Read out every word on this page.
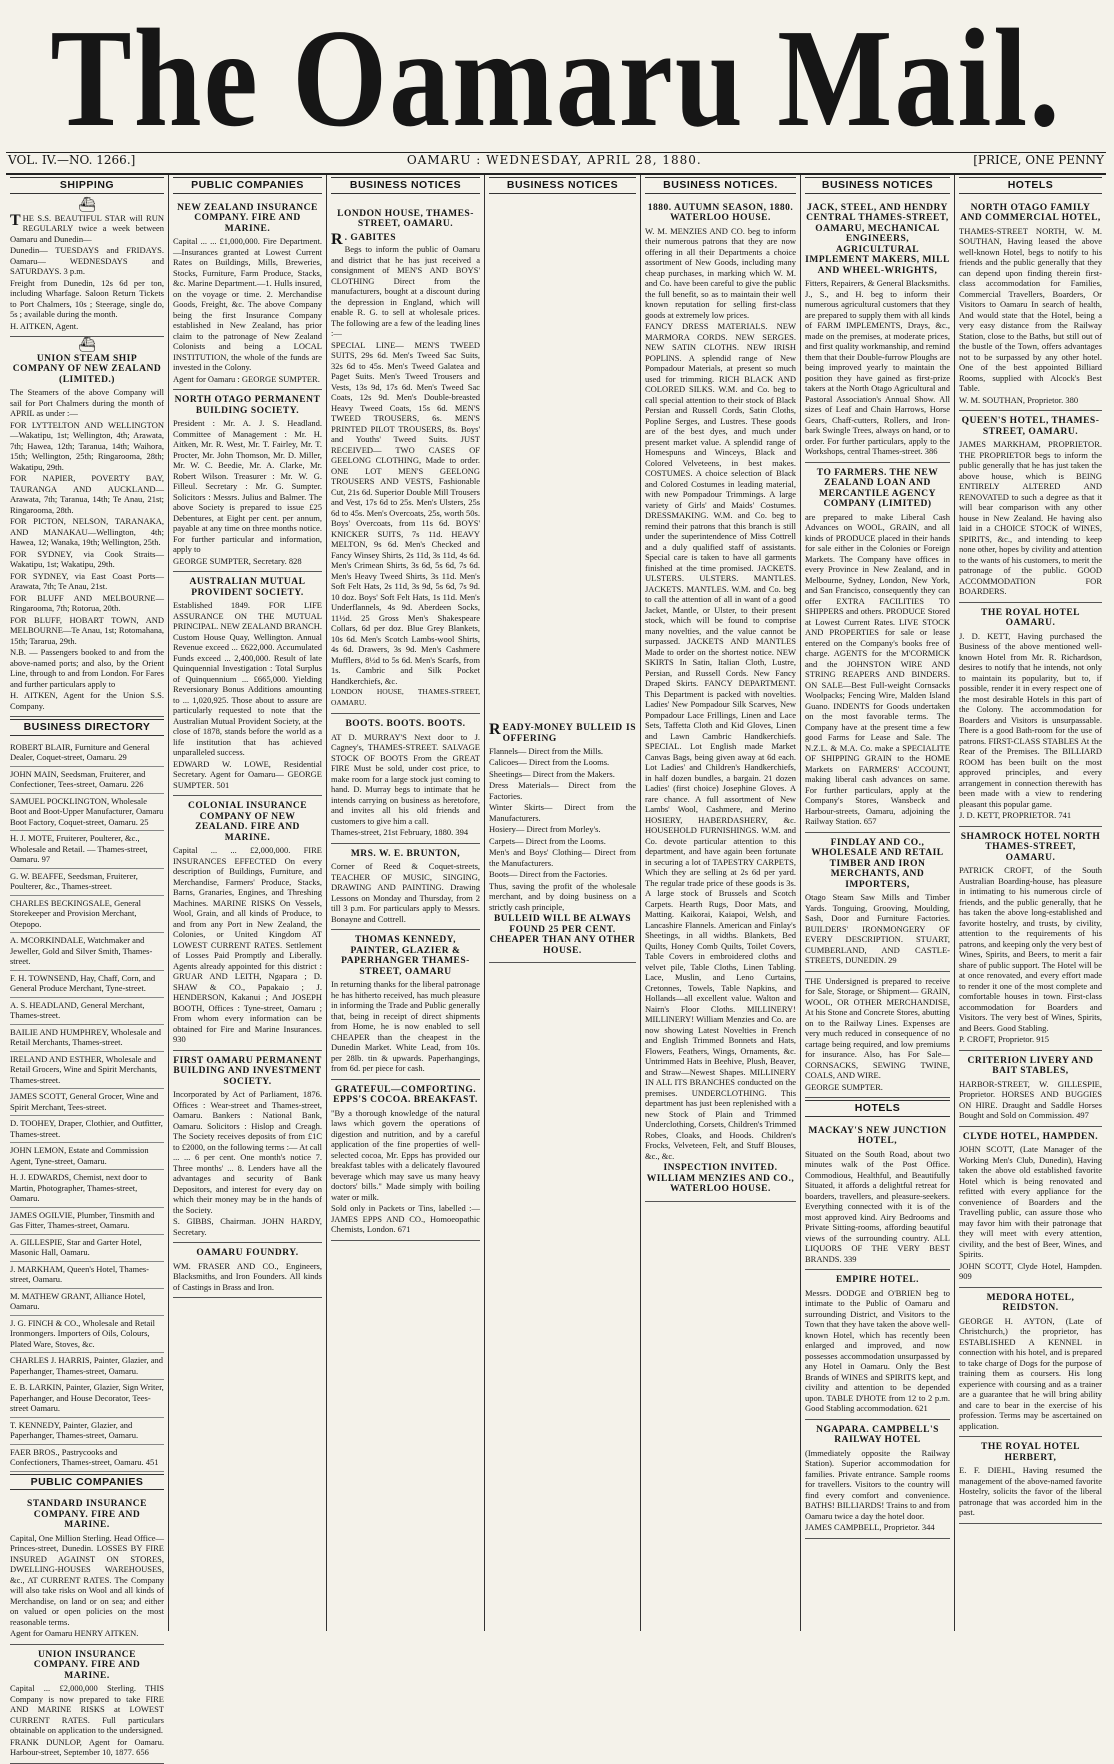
The Oamaru Mail.
VOL. IV.—NO. 1266.]	OAMARU : WEDNESDAY, APRIL 28, 1880.	[PRICE, ONE PENNY
SHIPPING
⛴

THE S.S. BEAUTIFUL STAR will RUN REGULARLY twice a week between Oamaru and Dunedin—

Dunedin— TUESDAYS and FRIDAYS. Oamaru— WEDNESDAYS and SATURDAYS. 3 p.m.

Freight from Dunedin, 12s 6d per ton, including Wharfage. Saloon Return Tickets to Port Chalmers, 10s ; Steerage, single do, 5s ; available during the month.

H. AITKEN, Agent.

⛴
UNION STEAM SHIP COMPANY OF NEW ZEALAND (LIMITED.)

The Steamers of the above Company will sail for Port Chalmers during the month of APRIL as under :—

FOR LYTTELTON AND WELLINGTON —Wakatipu, 1st; Wellington, 4th; Arawata, 7th; Hawea, 12th; Taranua, 14th; Waihora, 15th; Wellington, 25th; Ringarooma, 28th; Wakatipu, 29th.

FOR NAPIER, POVERTY BAY, TAURANGA AND AUCKLAND—Arawata, 7th; Taranua, 14th; Te Anau, 21st; Ringarooma, 28th.

FOR PICTON, NELSON, TARANAKA, AND MANAKAU—Wellington, 4th; Hawea, 12; Wanaka, 19th; Wellington, 25th.

FOR SYDNEY, via Cook Straits—Wakatipu, 1st; Wakatipu, 29th.

FOR SYDNEY, via East Coast Ports—Arawata, 7th; Te Anau, 21st.

FOR BLUFF AND MELBOURNE—Ringarooma, 7th; Rotorua, 20th.

FOR BLUFF, HOBART TOWN, AND MELBOURNE—Te Anau, 1st; Rotomahana, 15th; Tararua, 29th.

N.B. — Passengers booked to and from the above-named ports; and also, by the Orient Line, through to and from London. For Fares and further particulars apply to

H. AITKEN, Agent for the Union S.S. Company.

BUSINESS DIRECTORY
ROBERT BLAIR, Furniture and General Dealer, Coquet-street, Oamaru. 29
JOHN MAIN, Seedsman, Fruiterer, and Confectioner, Tees-street, Oamaru. 226
SAMUEL POCKLINGTON, Wholesale Boot and Boot-Upper Manufacturer, Oamaru Boot Factory, Coquet-street, Oamaru. 25
H. J. MOTE, Fruiterer, Poulterer, &c., Wholesale and Retail. — Thames-street, Oamaru. 97
G. W. BEAFFE, Seedsman, Fruiterer, Poulterer, &c., Thames-street.
CHARLES BECKINGSALE, General Storekeeper and Provision Merchant, Otepopo.
A. MCORKINDALE, Watchmaker and Jeweller, Gold and Silver Smith, Thames-street.
F. H. TOWNSEND, Hay, Chaff, Corn, and General Produce Merchant, Tyne-street.
A. S. HEADLAND, General Merchant, Thames-street.
BAILIE AND HUMPHREY, Wholesale and Retail Merchants, Thames-street.
IRELAND AND ESTHER, Wholesale and Retail Grocers, Wine and Spirit Merchants, Thames-street.
JAMES SCOTT, General Grocer, Wine and Spirit Merchant, Tees-street.
D. TOOHEY, Draper, Clothier, and Outfitter, Thames-street.
JOHN LEMON, Estate and Commission Agent, Tyne-street, Oamaru.
H. J. EDWARDS, Chemist, next door to Martin, Photographer, Thames-street, Oamaru.
JAMES OGILVIE, Plumber, Tinsmith and Gas Fitter, Thames-street, Oamaru.
A. GILLESPIE, Star and Garter Hotel, Masonic Hall, Oamaru.
J. MARKHAM, Queen's Hotel, Thames-street, Oamaru.
M. MATHEW GRANT, Alliance Hotel, Oamaru.
J. G. FINCH & CO., Wholesale and Retail Ironmongers. Importers of Oils, Colours, Plated Ware, Stoves, &c.
CHARLES J. HARRIS, Painter, Glazier, and Paperhanger, Thames-street, Oamaru.
E. B. LARKIN, Painter, Glazier, Sign Writer, Paperhanger, and House Decorator, Tees-street Oamaru.
T. KENNEDY, Painter, Glazier, and Paperhanger, Thames-street, Oamaru.
FAER BROS., Pastrycooks and Confectioners, Thames-street, Oamaru. 451
PUBLIC COMPANIES
STANDARD INSURANCE COMPANY. FIRE AND MARINE.

Capital, One Million Sterling. Head Office— Princes-street, Dunedin. LOSSES BY FIRE INSURED AGAINST ON STORES, DWELLING-HOUSES WAREHOUSES, &c., AT CURRENT RATES. The Company will also take risks on Wool and all kinds of Merchandise, on land or on sea; and either on valued or open policies on the most reasonable terms.

Agent for Oamaru HENRY AITKEN.

UNION INSURANCE COMPANY. FIRE AND MARINE.

Capital ... £2,000,000 Sterling. THIS Company is now prepared to take FIRE AND MARINE RISKS at LOWEST CURRENT RATES. Full particulars obtainable on application to the undersigned.

FRANK DUNLOP, Agent for Oamaru. Harbour-street, September 10, 1877. 656

PUBLIC COMPANIES
NEW ZEALAND INSURANCE COMPANY. FIRE AND MARINE.

Capital ... ... £1,000,000. Fire Department.—Insurances granted at Lowest Current Rates on Buildings, Mills, Breweries, Stocks, Furniture, Farm Produce, Stacks, &c. Marine Department.—1. Hulls insured, on the voyage or time. 2. Merchandise Goods, Freight, &c. The above Company being the first Insurance Company established in New Zealand, has prior claim to the patronage of New Zealand Colonists and being a LOCAL INSTITUTION, the whole of the funds are invested in the Colony.

Agent for Oamaru : GEORGE SUMPTER.

NORTH OTAGO PERMANENT BUILDING SOCIETY.

President : Mr. A. J. S. Headland. Committee of Management : Mr. H. Aitken, Mr. R. West, Mr. T. Fairley, Mr. T. Procter, Mr. John Thomson, Mr. D. Miller, Mr. W. C. Beedie, Mr. A. Clarke, Mr. Robert Wilson. Treasurer : Mr. W. G. Filleul. Secretary : Mr. G. Sumpter. Solicitors : Messrs. Julius and Balmer. The above Society is prepared to issue £25 Debentures, at Eight per cent. per annum, payable at any time on three months notice. For further particular and information, apply to

GEORGE SUMPTER, Secretary. 828

AUSTRALIAN MUTUAL PROVIDENT SOCIETY.

Established 1849. FOR LIFE ASSURANCE ON THE MUTUAL PRINCIPAL. NEW ZEALAND BRANCH. Custom House Quay, Wellington. Annual Revenue exceed ... £622,000. Accumulated Funds exceed ... 2,400,000. Result of late Quinquennial Investigation : Total Surplus of Quinquennium ... £665,000. Yielding Reversionary Bonus Additions amounting to ... 1,020,925. Those about to assure are particularly requested to note that the Australian Mutual Provident Society, at the close of 1878, stands before the world as a life institution that has achieved unparalleled success.

EDWARD W. LOWE, Residential Secretary. Agent for Oamaru— GEORGE SUMPTER. 501

COLONIAL INSURANCE COMPANY OF NEW ZEALAND. FIRE AND MARINE.

Capital ... ... £2,000,000. FIRE INSURANCES EFFECTED On every description of Buildings, Furniture, and Merchandise, Farmers' Produce, Stacks, Barns, Granaries, Engines, and Threshing Machines. MARINE RISKS On Vessels, Wool, Grain, and all kinds of Produce, to and from any Port in New Zealand, the Colonies, or United Kingdom AT LOWEST CURRENT RATES. Settlement of Losses Paid Promptly and Liberally. Agents already appointed for this district : GRUAR AND LEITH, Ngapara ; D. SHAW & CO., Papakaio ; J. HENDERSON, Kakanui ; And JOSEPH BOOTH, Offices : Tyne-street, Oamaru ; From whom every information can be obtained for Fire and Marine Insurances. 930

FIRST OAMARU PERMANENT BUILDING AND INVESTMENT SOCIETY.

Incorporated by Act of Parliament, 1876. Offices : Wear-street and Thames-street, Oamaru. Bankers : National Bank, Oamaru. Solicitors : Hislop and Creagh. The Society receives deposits of from £1C to £2000, on the following terms :— At call ... ... 6 per cent. One month's notice 7. Three months' ... 8. Lenders have all the advantages and security of Bank Depositors, and interest for every day on which their money may be in the hands of the Society.

S. GIBBS, Chairman. JOHN HARDY, Secretary.

OAMARU FOUNDRY.

WM. FRASER AND CO., Engineers, Blacksmiths, and Iron Founders. All kinds of Castings in Brass and Iron.

BUSINESS NOTICES
LONDON HOUSE, THAMES-STREET, OAMARU.

R . GABITES

Begs to inform the public of Oamaru and district that he has just received a consignment of MEN'S AND BOYS' CLOTHING Direct from the manufacturers, bought at a discount during the depression in England, which will enable R. G. to sell at wholesale prices. The following are a few of the leading lines :—

SPECIAL LINE— MEN'S TWEED SUITS, 29s 6d. Men's Tweed Sac Suits, 32s 6d to 45s. Men's Tweed Galatea and Paget Suits. Men's Tweed Trousers and Vests, 13s 9d, 17s 6d. Men's Tweed Sac Coats, 12s 9d. Men's Double-breasted Heavy Tweed Coats, 15s 6d. MEN'S TWEED TROUSERS, 6s. MEN'S PRINTED PILOT TROUSERS, 8s. Boys' and Youths' Tweed Suits. JUST RECEIVED— TWO CASES OF GEELONG CLOTHING, Made to order. ONE LOT MEN'S GEELONG TROUSERS AND VESTS, Fashionable Cut, 21s 6d. Superior Double Mill Trousers and Vest, 17s 6d to 25s. Men's Ulsters, 25s 6d to 45s. Men's Overcoats, 25s, worth 50s. Boys' Overcoats, from 11s 6d. BOYS' KNICKER SUITS, 7s 11d. HEAVY MELTON, 9s 6d. Men's Checked and Fancy Winsey Shirts, 2s 11d, 3s 11d, 4s 6d. Men's Crimean Shirts, 3s 6d, 5s 6d, 7s 6d. Men's Heavy Tweed Shirts, 3s 11d. Men's Soft Felt Hats, 2s 11d, 3s 9d, 5s 6d, 7s 9d. 10 doz. Boys' Soft Felt Hats, 1s 11d. Men's Underflannels, 4s 9d. Aberdeen Socks, 11½d. 25 Gross Men's Shakespeare Collars, 6d per doz. Blue Grey Blankets, 10s 6d. Men's Scotch Lambs-wool Shirts, 4s 6d. Drawers, 3s 9d. Men's Cashmere Mufflers, 8½d to 5s 6d. Men's Scarfs, from 1s. Cambric and Silk Pocket Handkerchiefs, &c.

LONDON HOUSE, THAMES-STREET, OAMARU.

BOOTS. BOOTS. BOOTS.

AT D. MURRAY'S Next door to J. Cagney's, THAMES-STREET. SALVAGE STOCK OF BOOTS From the GREAT FIRE Must be sold, under cost price, to make room for a large stock just coming to hand. D. Murray begs to intimate that he intends carrying on business as heretofore, and invites all his old friends and customers to give him a call.

Thames-street, 21st February, 1880. 394

MRS. W. E. BRUNTON,

Corner of Reed & Coquet-streets, TEACHER OF MUSIC, SINGING, DRAWING AND PAINTING. Drawing Lessons on Monday and Thursday, from 2 till 3 p.m. For particulars apply to Messrs. Bonayne and Cottrell.

THOMAS KENNEDY, PAINTER, GLAZIER & PAPERHANGER THAMES-STREET, OAMARU

In returning thanks for the liberal patronage he has hitherto received, has much pleasure in informing the Trade and Public generally that, being in receipt of direct shipments from Home, he is now enabled to sell CHEAPER than the cheapest in the Dunedin Market. White Lead, from 10s. per 28lb. tin & upwards. Paperhangings, from 6d. per piece for cash.

GRATEFUL—COMFORTING. EPPS'S COCOA. BREAKFAST.

"By a thorough knowledge of the natural laws which govern the operations of digestion and nutrition, and by a careful application of the fine properties of well-selected cocoa, Mr. Epps has provided our breakfast tables with a delicately flavoured beverage which may save us many heavy doctors' bills." Made simply with boiling water or milk.

Sold only in Packets or Tins, labelled :— JAMES EPPS AND CO., Homoeopathic Chemists, London. 671

BUSINESS NOTICES

READY-MONEY BULLEID IS OFFERING

Flannels— Direct from the Mills.

Calicoes— Direct from the Looms.

Sheetings— Direct from the Makers.

Dress Materials— Direct from the Factories.

Winter Skirts— Direct from the Manufacturers.

Hosiery— Direct from Morley's.

Carpets— Direct from the Looms.

Men's and Boys' Clothing— Direct from the Manufacturers.

Boots— Direct from the Factories.

Thus, saving the profit of the wholesale merchant, and by doing business on a strictly cash principle,

BULLEID WILL BE ALWAYS FOUND 25 PER CENT. CHEAPER THAN ANY OTHER HOUSE.

BUSINESS NOTICES.
1880. AUTUMN SEASON, 1880. WATERLOO HOUSE.

W. M. MENZIES AND CO. beg to inform their numerous patrons that they are now offering in all their Departments a choice assortment of New Goods, including many cheap purchases, in marking which W. M. and Co. have been careful to give the public the full benefit, so as to maintain their well known reputation for selling first-class goods at extremely low prices.

FANCY DRESS MATERIALS. NEW MARMORA CORDS. NEW SERGES. NEW SATIN CLOTHS. NEW IRISH POPLINS. A splendid range of New Pompadour Materials, at present so much used for trimming. RICH BLACK AND COLORED SILKS. W.M. and Co. beg to call special attention to their stock of Black Persian and Russell Cords, Satin Cloths, Popline Serges, and Lustres. These goods are of the best dyes, and much under present market value. A splendid range of Homespuns and Winceys, Black and Colored Velveteens, in best makes. COSTUMES. A choice selection of Black and Colored Costumes in leading material, with new Pompadour Trimmings. A large variety of Girls' and Maids' Costumes. DRESSMAKING. W.M. and Co. beg to remind their patrons that this branch is still under the superintendence of Miss Cottrell and a duly qualified staff of assistants. Special care is taken to have all garments finished at the time promised. JACKETS. ULSTERS. ULSTERS. MANTLES. JACKETS. MANTLES. W.M. and Co. beg to call the attention of all in want of a good Jacket, Mantle, or Ulster, to their present stock, which will be found to comprise many novelties, and the value cannot be surpassed. JACKETS AND MANTLES Made to order on the shortest notice. NEW SKIRTS In Satin, Italian Cloth, Lustre, Persian, and Russell Cords. New Fancy Draped Skirts. FANCY DEPARTMENT. This Department is packed with novelties. Ladies' New Pompadour Silk Scarves, New Pompadour Lace Frillings, Linen and Lace Sets, Taffetta Cloth and Kid Gloves, Linen and Lawn Cambric Handkerchiefs. SPECIAL. Lot English made Market Canvas Bags, being given away at 6d each. Lot Ladies' and Children's Handkerchiefs, in half dozen bundles, a bargain. 21 dozen Ladies' (first choice) Josephine Gloves. A rare chance. A full assortment of New Lambs' Wool, Cashmere, and Merino HOSIERY, HABERDASHERY, &c. HOUSEHOLD FURNISHINGS. W.M. and Co. devote particular attention to this department, and have again been fortunate in securing a lot of TAPESTRY CARPETS, Which they are selling at 2s 6d per yard. The regular trade price of these goods is 3s. A large stock of Brussels and Scotch Carpets. Hearth Rugs, Door Mats, and Matting. Kaikorai, Kaiapoi, Welsh, and Lancashire Flannels. American and Finlay's Sheetings, in all widths. Blankets, Bed Quilts, Honey Comb Quilts, Toilet Covers, Table Covers in embroidered cloths and velvet pile, Table Cloths, Linen Tabling. Lace, Muslin, and Leno Curtains, Cretonnes, Towels, Table Napkins, and Hollands—all excellent value. Walton and Nairn's Floor Cloths. MILLINERY! MILLINERY! William Menzies and Co. are now showing Latest Novelties in French and English Trimmed Bonnets and Hats, Flowers, Feathers, Wings, Ornaments, &c. Untrimmed Hats in Beehive, Plush, Beaver, and Straw—Newest Shapes. MILLINERY IN ALL ITS BRANCHES conducted on the premises. UNDERCLOTHING. This department has just been replenished with a new Stock of Plain and Trimmed Underclothing, Corsets, Children's Trimmed Robes, Cloaks, and Hoods. Children's Frocks, Velveteen, Felt, and Stuff Blouses, &c., &c.

INSPECTION INVITED. WILLIAM MENZIES AND CO., WATERLOO HOUSE.

BUSINESS NOTICES
JACK, STEEL, AND HENDRY CENTRAL THAMES-STREET, OAMARU, MECHANICAL ENGINEERS, AGRICULTURAL IMPLEMENT MAKERS, MILL AND WHEEL-WRIGHTS,

Fitters, Repairers, & General Blacksmiths. J., S., and H. beg to inform their numerous agricultural customers that they are prepared to supply them with all kinds of FARM IMPLEMENTS, Drays, &c., made on the premises, at moderate prices, and first quality workmanship, and remind them that their Double-furrow Ploughs are being improved yearly to maintain the position they have gained as first-prize takers at the North Otago Agricultural and Pastoral Association's Annual Show. All sizes of Leaf and Chain Harrows, Horse Gears, Chaff-cutters, Rollers, and Iron-bark Swingle Trees, always on hand, or to order. For further particulars, apply to the Workshops, central Thames-street. 386

TO FARMERS. THE NEW ZEALAND LOAN AND MERCANTILE AGENCY COMPANY (LIMITED)

are prepared to make Liberal Cash Advances on WOOL, GRAIN, and all kinds of PRODUCE placed in their hands for sale either in the Colonies or Foreign Markets. The Company have offices in every Province in New Zealand, and in Melbourne, Sydney, London, New York, and San Francisco, consequently they can offer EXTRA FACILITIES TO SHIPPERS and others. PRODUCE Stored at Lowest Current Rates. LIVE STOCK AND PROPERTIES for sale or lease entered on the Company's books free of charge. AGENTS for the M'CORMICK and the JOHNSTON WIRE AND STRING REAPERS AND BINDERS. ON SALE—Best Full-weight Cornsacks Woolpacks; Fencing Wire, Malden Island Guano. INDENTS for Goods undertaken on the most favorable terms. The Company have at the present time a few good Farms for Lease and Sale. The N.Z.L. & M.A. Co. make a SPECIALITE OF SHIPPING GRAIN to the HOME Markets on FARMERS' ACCOUNT, making liberal cash advances on same. For further particulars, apply at the Company's Stores, Wansbeck and Harbour-streets, Oamaru, adjoining the Railway Station. 657

FINDLAY AND CO., WHOLESALE AND RETAIL TIMBER AND IRON MERCHANTS, AND IMPORTERS,

Otago Steam Saw Mills and Timber Yards. Tonguing, Grooving, Moulding, Sash, Door and Furniture Factories. BUILDERS' IRONMONGERY OF EVERY DESCRIPTION. STUART, CUMBERLAND, AND CASTLE-STREETS, DUNEDIN. 29

THE Undersigned is prepared to receive for Sale, Storage, or Shipment— GRAIN, WOOL, OR OTHER MERCHANDISE, At his Stone and Concrete Stores, abutting on to the Railway Lines. Expenses are very much reduced in consequence of no cartage being required, and low premiums for insurance. Also, has For Sale— CORNSACKS, SEWING TWINE, COALS, AND WIRE.

GEORGE SUMPTER.

HOTELS
MACKAY'S NEW JUNCTION HOTEL,

Situated on the South Road, about two minutes walk of the Post Office. Commodious, Healthful, and Beautifully Situated, it affords a delightful retreat for boarders, travellers, and pleasure-seekers. Everything connected with it is of the most approved kind. Airy Bedrooms and Private Sitting-rooms, affording beautiful views of the surrounding country. ALL LIQUORS OF THE VERY BEST BRANDS. 339

EMPIRE HOTEL.

Messrs. DODGE and O'BRIEN beg to intimate to the Public of Oamaru and surrounding District, and Visitors to the Town that they have taken the above well-known Hotel, which has recently been enlarged and improved, and now possesses accommodation unsurpassed by any Hotel in Oamaru. Only the Best Brands of WINES and SPIRITS kept, and civility and attention to be depended upon. TABLE D'HOTE from 12 to 2 p.m. Good Stabling accommodation. 621

NGAPARA. CAMPBELL'S RAILWAY HOTEL

(Immediately opposite the Railway Station). Superior accommodation for families. Private entrance. Sample rooms for travellers. Visitors to the country will find every comfort and convenience. BATHS! BILLIARDS! Trains to and from Oamaru twice a day the hotel door.

JAMES CAMPBELL, Proprietor. 344

HOTELS
NORTH OTAGO FAMILY AND COMMERCIAL HOTEL,

THAMES-STREET NORTH, W. M. SOUTHAN, Having leased the above well-known Hotel, begs to notify to his friends and the public generally that they can depend upon finding therein first-class accommodation for Families, Commercial Travellers, Boarders, Or Visitors to Oamaru In search of health, And would state that the Hotel, being a very easy distance from the Railway Station, close to the Baths, but still out of the bustle of the Town, offers advantages not to be surpassed by any other hotel. One of the best appointed Billiard Rooms, supplied with Alcock's Best Table.

W. M. SOUTHAN, Proprietor. 380

QUEEN'S HOTEL, THAMES-STREET, OAMARU.

JAMES MARKHAM, PROPRIETOR. THE PROPRIETOR begs to inform the public generally that he has just taken the above house, which is BEING ENTIRELY ALTERED AND RENOVATED to such a degree as that it will bear comparison with any other house in New Zealand. He having also laid in a CHOICE STOCK of WINES, SPIRITS, &c., and intending to keep none other, hopes by civility and attention to the wants of his customers, to merit the patronage of the public. GOOD ACCOMMODATION FOR BOARDERS.

THE ROYAL HOTEL OAMARU.

J. D. KETT, Having purchased the Business of the above mentioned well-known Hotel from Mr. R. Richardson, desires to notify that he intends, not only to maintain its popularity, but to, if possible, render it in every respect one of the most desirable Hotels in this part of the Colony. The accommodation for Boarders and Visitors is unsurpassable. There is a good Bath-room for the use of patrons. FIRST-CLASS STABLES At the Rear of the Premises. The BILLIARD ROOM has been built on the most approved principles, and every arrangement in connection therewith has been made with a view to rendering pleasant this popular game.

J. D. KETT, PROPRIETOR. 741

SHAMROCK HOTEL NORTH THAMES-STREET, OAMARU.

PATRICK CROFT, of the South Australian Boarding-house, has pleasure in intimating to his numerous circle of friends, and the public generally, that he has taken the above long-established and favorite hostelry, and trusts, by civility, attention to the requirements of his patrons, and keeping only the very best of Wines, Spirits, and Beers, to merit a fair share of public support. The Hotel will be at once renovated, and every effort made to render it one of the most complete and comfortable houses in town. First-class accommodation for Boarders and Visitors. The very best of Wines, Spirits, and Beers. Good Stabling.

P. CROFT, Proprietor. 915

CRITERION LIVERY AND BAIT STABLES,

HARBOR-STREET, W. GILLESPIE, Proprietor. HORSES AND BUGGIES ON HIRE. Draught and Saddle Horses Bought and Sold on Commission. 497

CLYDE HOTEL, HAMPDEN.

JOHN SCOTT, (Late Manager of the Working Men's Club, Dunedin), Having taken the above old established favorite Hotel which is being renovated and refitted with every appliance for the convenience of Boarders and the Travelling public, can assure those who may favor him with their patronage that they will meet with every attention, civility, and the best of Beer, Wines, and Spirits.

JOHN SCOTT, Clyde Hotel, Hampden. 909

MEDORA HOTEL, REIDSTON.

GEORGE H. AYTON, (Late of Christchurch,) the proprietor, has ESTABLISHED A KENNEL in connection with his hotel, and is prepared to take charge of Dogs for the purpose of training them as coursers. His long experience with coursing and as a trainer are a guarantee that he will bring ability and care to bear in the exercise of his profession. Terms may be ascertained on application.

THE ROYAL HOTEL HERBERT,

E. F. DIEHL, Having resumed the management of the above-named favorite Hostelry, solicits the favor of the liberal patronage that was accorded him in the past.
